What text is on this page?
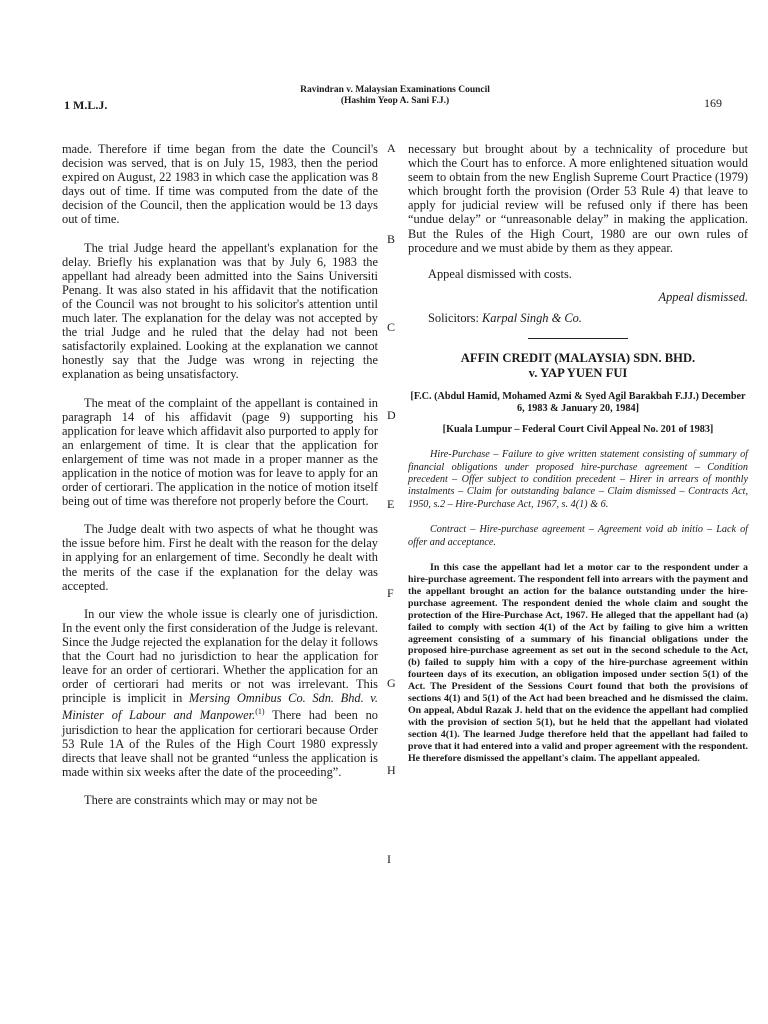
1 M.L.J.
Ravindran v. Malaysian Examinations Council
(Hashim Yeop A. Sani F.J.)	169
A
B
C
D
E
F
G
H
I

made. Therefore if time began from the date the Council's decision was served, that is on July 15, 1983, then the period expired on August, 22 1983 in which case the application was 8 days out of time. If time was computed from the date of the decision of the Council, then the application would be 13 days out of time.

The trial Judge heard the appellant's explanation for the delay. Briefly his explanation was that by July 6, 1983 the appellant had already been admitted into the Sains Universiti Penang. It was also stated in his affidavit that the notification of the Council was not brought to his solicitor's attention until much later. The explanation for the delay was not accepted by the trial Judge and he ruled that the delay had not been satisfactorily explained. Looking at the explanation we cannot honestly say that the Judge was wrong in rejecting the explanation as being unsatisfactory.

The meat of the complaint of the appellant is contained in paragraph 14 of his affidavit (page 9) supporting his application for leave which affidavit also purported to apply for an enlargement of time. It is clear that the application for enlargement of time was not made in a proper manner as the application in the notice of motion was for leave to apply for an order of certiorari. The application in the notice of motion itself being out of time was therefore not properly before the Court.

The Judge dealt with two aspects of what he thought was the issue before him. First he dealt with the reason for the delay in applying for an enlargement of time. Secondly he dealt with the merits of the case if the explanation for the delay was accepted.

In our view the whole issue is clearly one of jurisdiction. In the event only the first consideration of the Judge is relevant. Since the Judge rejected the explanation for the delay it follows that the Court had no jurisdiction to hear the application for leave for an order of certiorari. Whether the application for an order of certiorari had merits or not was irrelevant. This principle is implicit in Mersing Omnibus Co. Sdn. Bhd. v. Minister of Labour and Manpower.$^{(1)}$ There had been no jurisdiction to hear the application for certiorari because Order 53 Rule 1A of the Rules of the High Court 1980 expressly directs that leave shall not be granted “unless the application is made within six weeks after the date of the proceeding”.

There are constraints which may or may not be

necessary but brought about by a technicality of procedure but which the Court has to enforce. A more enlightened situation would seem to obtain from the new English Supreme Court Practice (1979) which brought forth the provision (Order 53 Rule 4) that leave to apply for judicial review will be refused only if there has been “undue delay” or “unreasonable delay” in making the application. But the Rules of the High Court, 1980 are our own rules of procedure and we must abide by them as they appear.

Appeal dismissed with costs.
Appeal dismissed.
Solicitors: Karpal Singh & Co.
AFFIN CREDIT (MALAYSIA) SDN. BHD.
v. YAP YUEN FUI
[F.C. (Abdul Hamid, Mohamed Azmi & Syed Agil Barakbah F.JJ.) December 6, 1983 & January 20, 1984]
[Kuala Lumpur – Federal Court Civil Appeal No. 201 of 1983]
Hire-Purchase – Failure to give written statement consisting of summary of financial obligations under proposed hire-purchase agreement – Condition precedent – Offer subject to condition precedent – Hirer in arrears of monthly instalments – Claim for outstanding balance – Claim dismissed – Contracts Act, 1950, s.2 – Hire-Purchase Act, 1967, s. 4(1) & 6.
Contract – Hire-purchase agreement – Agreement void ab initio – Lack of offer and acceptance.
In this case the appellant had let a motor car to the respondent under a hire-purchase agreement. The respondent fell into arrears with the payment and the appellant brought an action for the balance outstanding under the hire-purchase agreement. The respondent denied the whole claim and sought the protection of the Hire-Purchase Act, 1967. He alleged that the appellant had (a) failed to comply with section 4(1) of the Act by failing to give him a written agreement consisting of a summary of his financial obligations under the proposed hire-purchase agreement as set out in the second schedule to the Act, (b) failed to supply him with a copy of the hire-purchase agreement within fourteen days of its execution, an obligation imposed under section 5(1) of the Act. The President of the Sessions Court found that both the provisions of sections 4(1) and 5(1) of the Act had been breached and he dismissed the claim. On appeal, Abdul Razak J. held that on the evidence the appellant had complied with the provision of section 5(1), but he held that the appellant had violated section 4(1). The learned Judge therefore held that the appellant had failed to prove that it had entered into a valid and proper agreement with the respondent. He therefore dismissed the appellant's claim. The appellant appealed.
